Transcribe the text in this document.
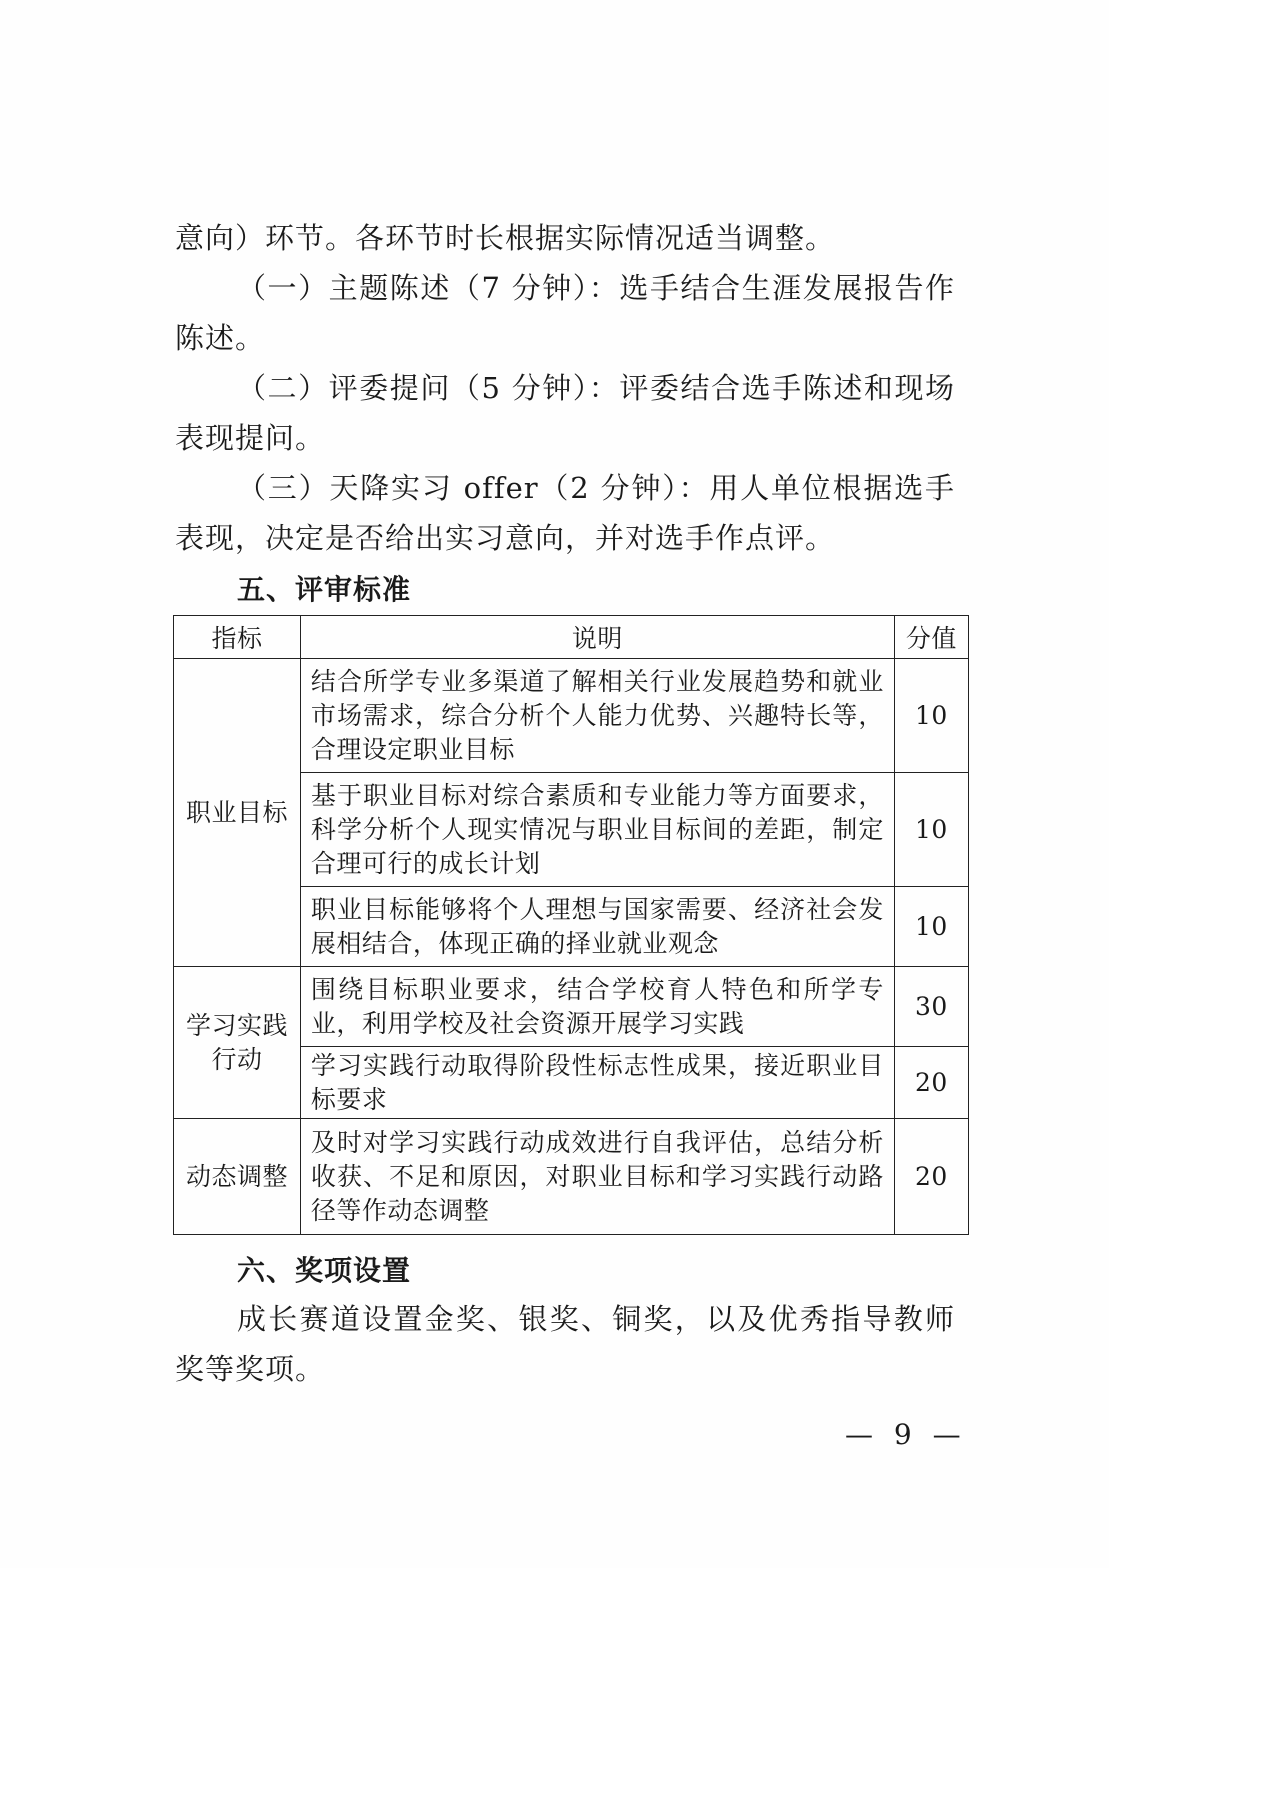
意向）环节。各环节时长根据实际情况适当调整。

（一）主题陈述（7 分钟）：选手结合生涯发展报告作陈述。

（二）评委提问（5 分钟）：评委结合选手陈述和现场表现提问。

（三）天降实习 offer（2 分钟）：用人单位根据选手表现，决定是否给出实习意向，并对选手作点评。

五、评审标准
指标	说明	分值
职业目标	结合所学专业多渠道了解相关行业发展趋势和就业市场需求，综合分析个人能力优势、兴趣特长等，合理设定职业目标	10
	基于职业目标对综合素质和专业能力等方面要求，科学分析个人现实情况与职业目标间的差距，制定合理可行的成长计划	10
	职业目标能够将个人理想与国家需要、经济社会发展相结合，体现正确的择业就业观念	10
学习实践行动	围绕目标职业要求，结合学校育人特色和所学专业，利用学校及社会资源开展学习实践	30
	学习实践行动取得阶段性标志性成果，接近职业目标要求	20
动态调整	及时对学习实践行动成效进行自我评估，总结分析收获、不足和原因，对职业目标和学习实践行动路径等作动态调整	20
六、奖项设置

成长赛道设置金奖、银奖、铜奖，以及优秀指导教师奖等奖项。

— 9 —
